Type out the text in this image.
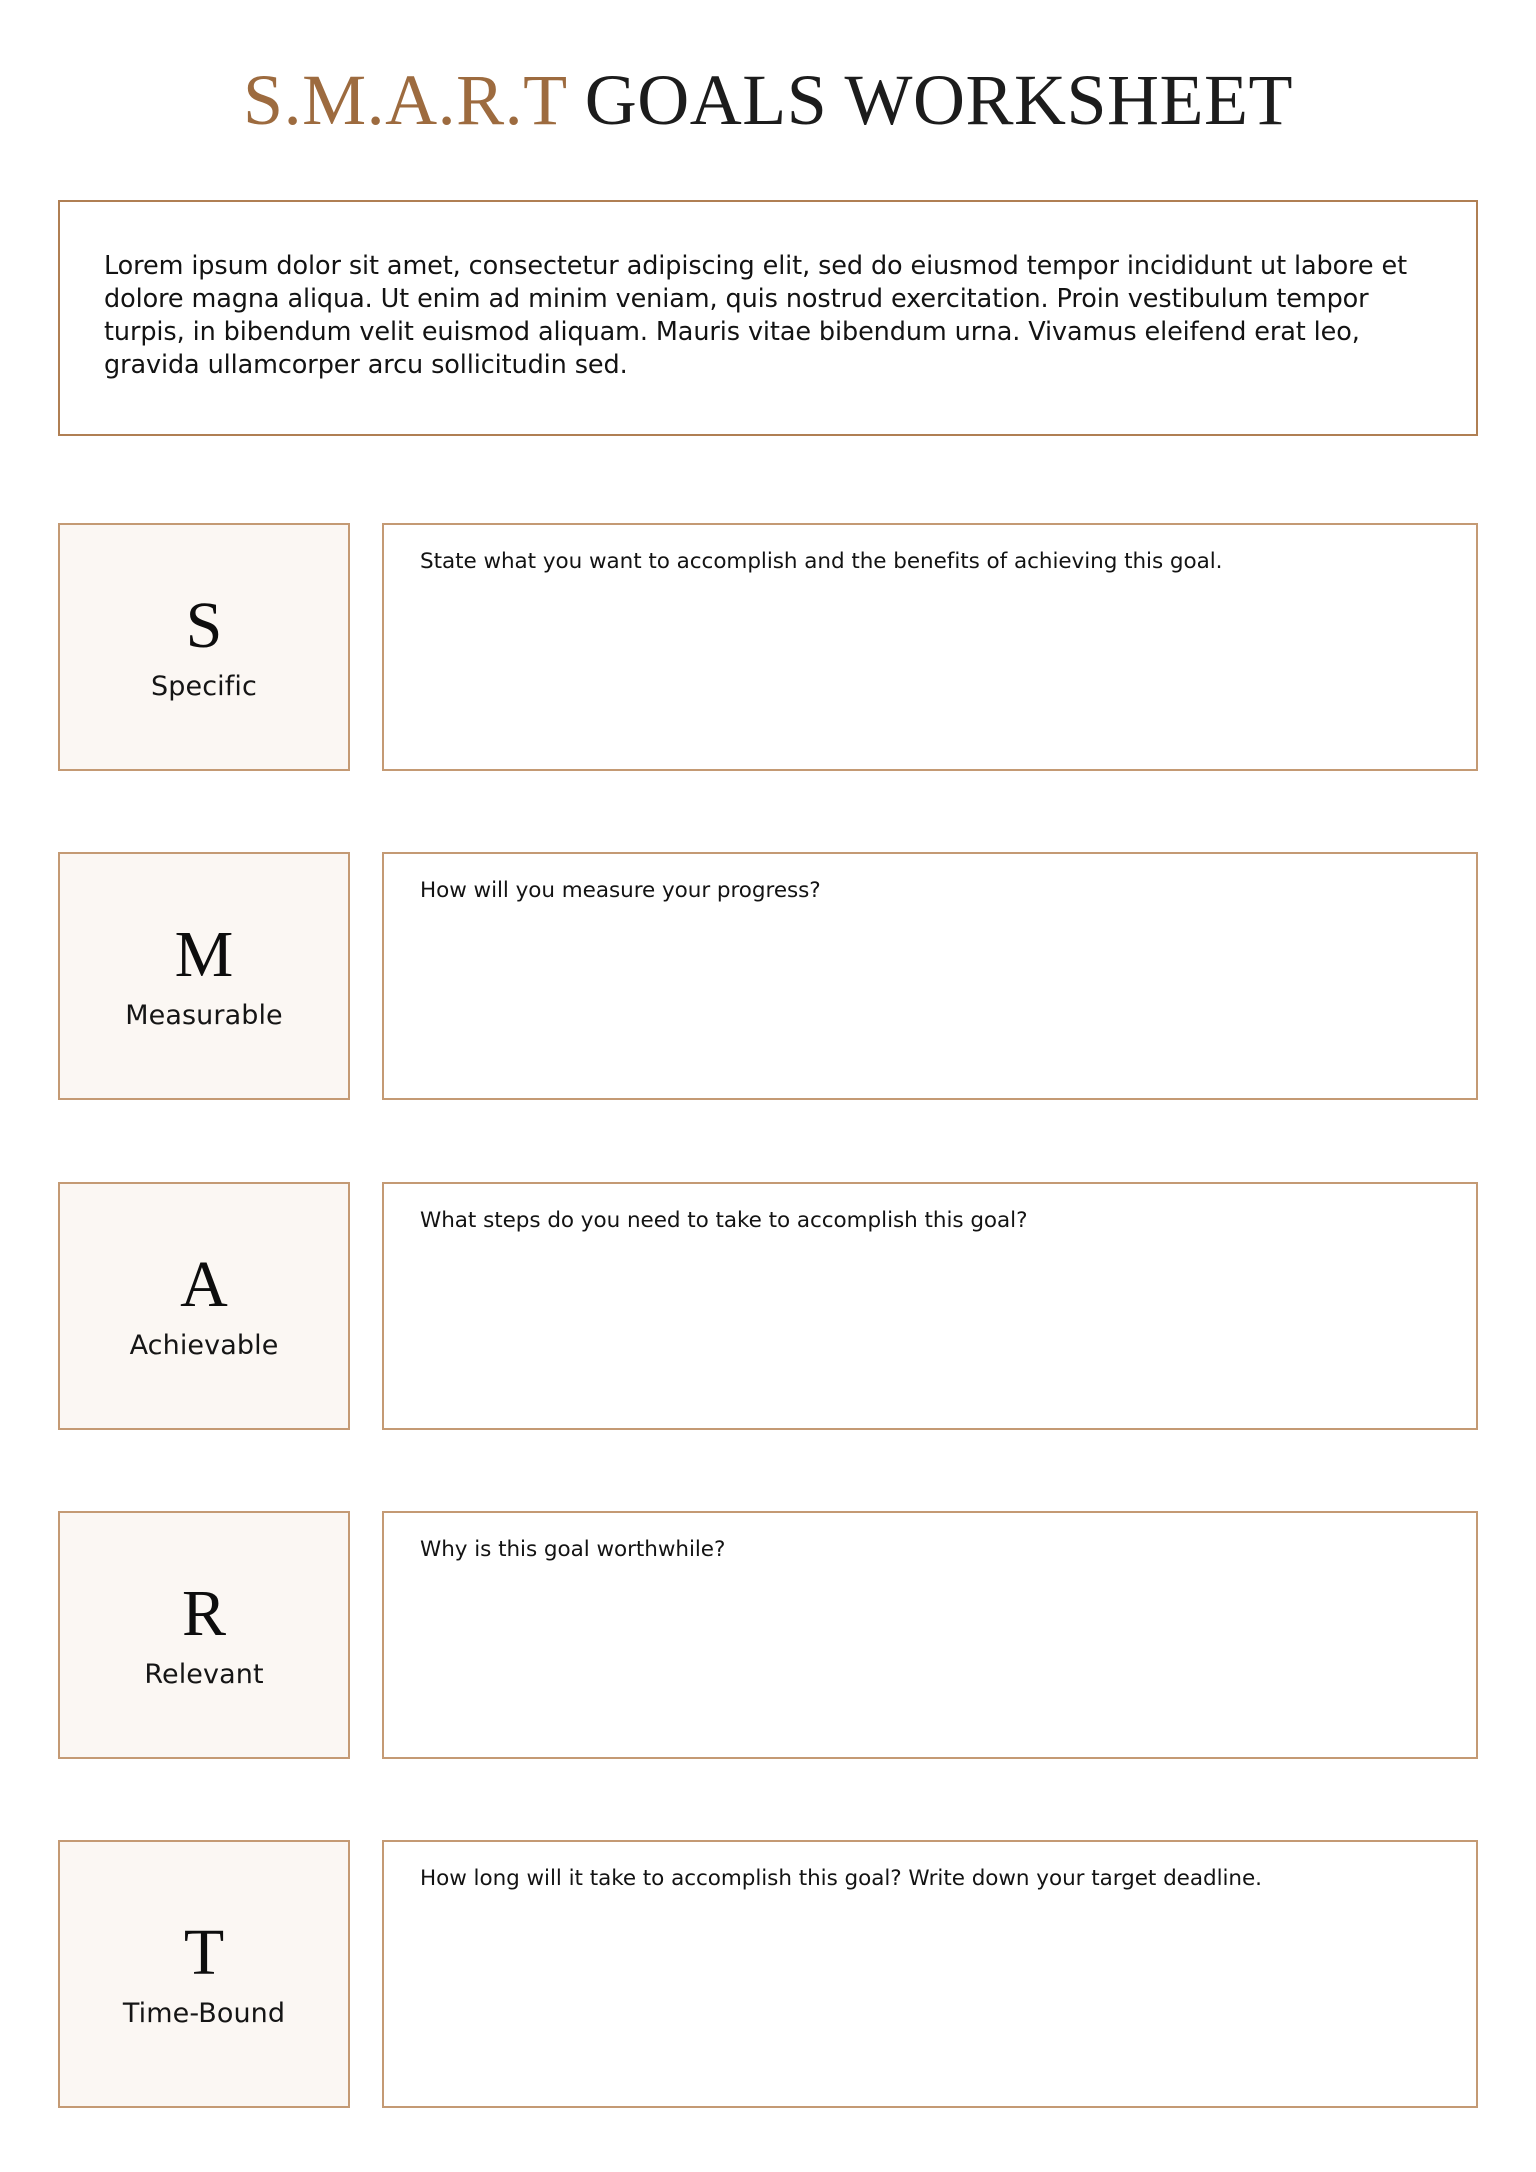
S.M.A.R.T GOALS WORKSHEET
Lorem ipsum dolor sit amet, consectetur adipiscing elit, sed do eiusmod tempor incididunt ut labore et dolore magna aliqua. Ut enim ad minim veniam, quis nostrud exercitation. Proin vestibulum tempor turpis, in bibendum velit euismod aliquam. Mauris vitae bibendum urna. Vivamus eleifend erat leo, gravida ullamcorper arcu sollicitudin sed.
S
Specific
State what you want to accomplish and the benefits of achieving this goal.
M
Measurable
How will you measure your progress?
A
Achievable
What steps do you need to take to accomplish this goal?
R
Relevant
Why is this goal worthwhile?
T
Time-Bound
How long will it take to accomplish this goal? Write down your target deadline.
